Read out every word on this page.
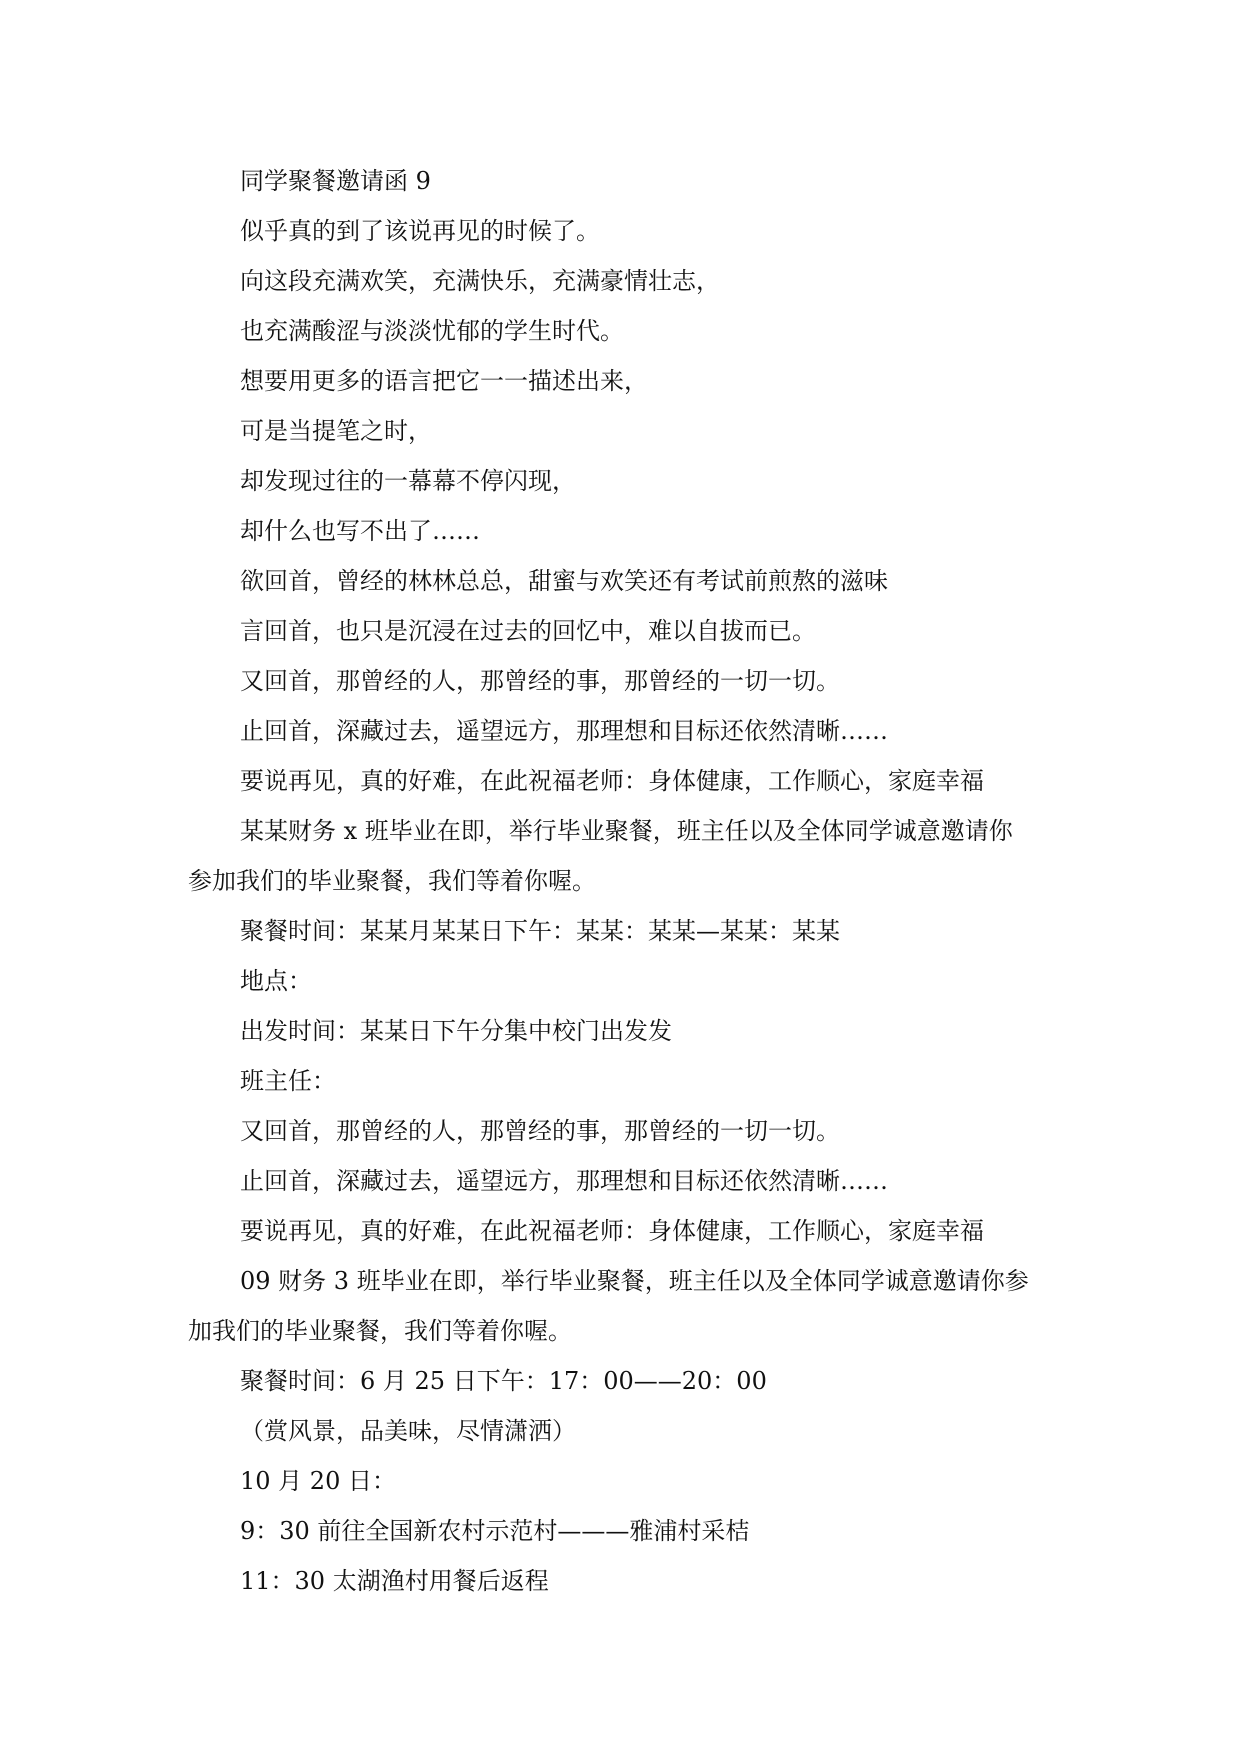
同学聚餐邀请函 9
似乎真的到了该说再见的时候了。
向这段充满欢笑，充满快乐，充满豪情壮志，
也充满酸涩与淡淡忧郁的学生时代。
想要用更多的语言把它一一描述出来，
可是当提笔之时，
却发现过往的一幕幕不停闪现，
却什么也写不出了……
欲回首，曾经的林林总总，甜蜜与欢笑还有考试前煎熬的滋味
言回首，也只是沉浸在过去的回忆中，难以自拔而已。
又回首，那曾经的人，那曾经的事，那曾经的一切一切。
止回首，深藏过去，遥望远方，那理想和目标还依然清晰……
要说再见，真的好难，在此祝福老师：身体健康，工作顺心，家庭幸福
某某财务 x 班毕业在即，举行毕业聚餐，班主任以及全体同学诚意邀请你
参加我们的毕业聚餐，我们等着你喔。
聚餐时间：某某月某某日下午：某某：某某—某某：某某
地点：
出发时间：某某日下午分集中校门出发发
班主任：
又回首，那曾经的人，那曾经的事，那曾经的一切一切。
止回首，深藏过去，遥望远方，那理想和目标还依然清晰……
要说再见，真的好难，在此祝福老师：身体健康，工作顺心，家庭幸福
09 财务 3 班毕业在即，举行毕业聚餐，班主任以及全体同学诚意邀请你参
加我们的毕业聚餐，我们等着你喔。
聚餐时间：6 月 25 日下午：17：00——20：00
（赏风景，品美味，尽情潇洒）
10 月 20 日：
9：30 前往全国新农村示范村———雅浦村采桔
11：30 太湖渔村用餐后返程
